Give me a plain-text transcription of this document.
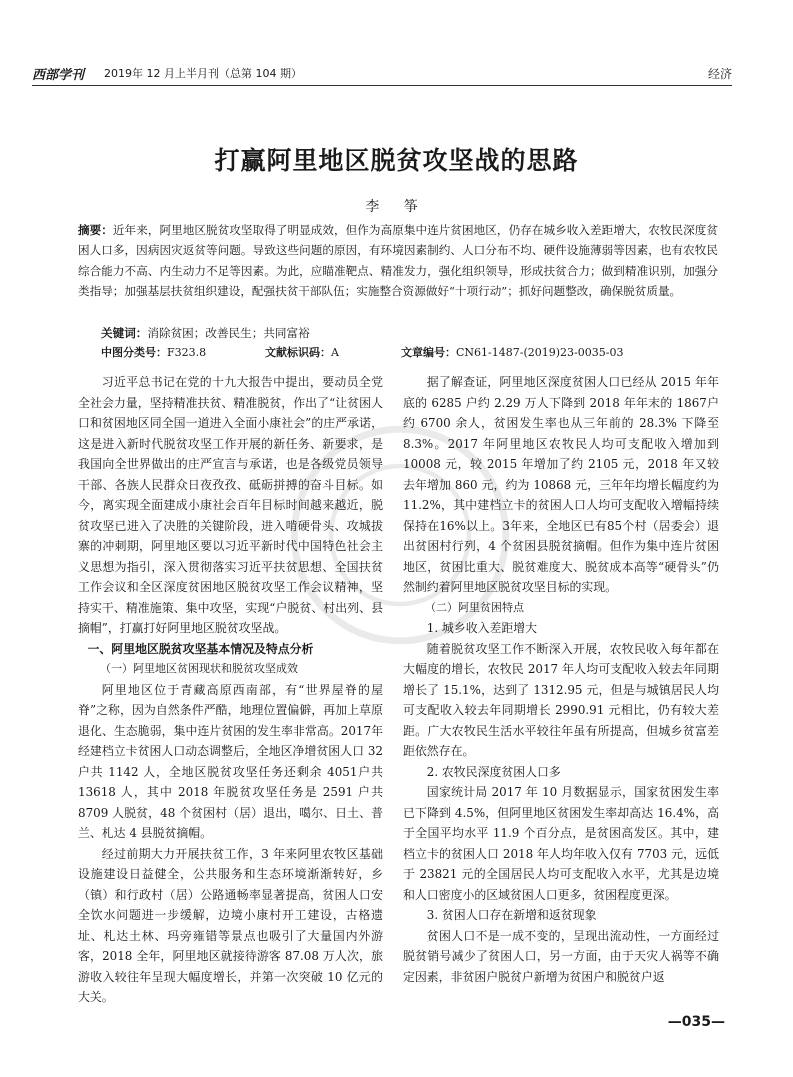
西部学刊 2019年 12 月上半月刊（总第 104 期）	经济
打赢阿里地区脱贫攻坚战的思路
李 筝
摘要：近年来，阿里地区脱贫攻坚取得了明显成效，但作为高原集中连片贫困地区，仍存在城乡收入差距增大，农牧民深度贫困人口多，因病因灾返贫等问题。导致这些问题的原因，有环境因素制约、人口分布不均、硬件设施薄弱等因素，也有农牧民综合能力不高、内生动力不足等因素。为此，应瞄准靶点、精准发力，强化组织领导，形成扶贫合力；做到精准识别，加强分类指导；加强基层扶贫组织建设，配强扶贫干部队伍；实施整合资源做好“十项行动”；抓好问题整改，确保脱贫质量。
关键词：消除贫困；改善民生；共同富裕
中图分类号：F323.8	文献标识码：A	文章编号：CN61-1487-(2019)23-0035-03

习近平总书记在党的十九大报告中提出，要动员全党全社会力量，坚持精准扶贫、精准脱贫，作出了“让贫困人口和贫困地区同全国一道进入全面小康社会”的庄严承诺，这是进入新时代脱贫攻坚工作开展的新任务、新要求，是我国向全世界做出的庄严宣言与承诺，也是各级党员领导干部、各族人民群众日夜孜孜、砥砺拼搏的奋斗目标。如今，离实现全面建成小康社会百年目标时间越来越近，脱贫攻坚已进入了决胜的关键阶段，进入啃硬骨头、攻城拔寨的冲刺期，阿里地区要以习近平新时代中国特色社会主义思想为指引，深入贯彻落实习近平扶贫思想、全国扶贫工作会议和全区深度贫困地区脱贫攻坚工作会议精神，坚持实干、精准施策、集中攻坚，实现“户脱贫、村出列、县摘帽”，打赢打好阿里地区脱贫攻坚战。

一、阿里地区脱贫攻坚基本情况及特点分析
（一）阿里地区贫困现状和脱贫攻坚成效

阿里地区位于青藏高原西南部，有“世界屋脊的屋脊”之称，因为自然条件严酷，地理位置偏僻，再加上草原退化、生态脆弱，集中连片贫困的发生率非常高。2017年经建档立卡贫困人口动态调整后，全地区净增贫困人口 32 户共 1142 人，全地区脱贫攻坚任务还剩余 4051户共 13618 人，其中 2018 年脱贫攻坚任务是 2591 户共8709 人脱贫，48 个贫困村（居）退出，噶尔、日土、普兰、札达 4 县脱贫摘帽。

经过前期大力开展扶贫工作，3 年来阿里农牧区基础设施建设日益健全，公共服务和生态环境渐渐转好，乡（镇）和行政村（居）公路通畅率显著提高，贫困人口安全饮水问题进一步缓解，边境小康村开工建设，古格遗址、札达土林、玛旁雍错等景点也吸引了大量国内外游客，2018 全年，阿里地区就接待游客 87.08 万人次，旅游收入较往年呈现大幅度增长，并第一次突破 10 亿元的大关。

据了解查证，阿里地区深度贫困人口已经从 2015 年年底的 6285 户约 2.29 万人下降到 2018 年年末的 1867户约 6700 余人，贫困发生率也从三年前的 28.3% 下降至 8.3%。2017 年阿里地区农牧民人均可支配收入增加到 10008 元，较 2015 年增加了约 2105 元，2018 年又较去年增加 860 元，约为 10868 元，三年年均增长幅度约为11.2%，其中建档立卡的贫困人口人均可支配收入增幅持续保持在16%以上。3年来，全地区已有85个村（居委会）退出贫困村行列，4 个贫困县脱贫摘帽。但作为集中连片贫困地区，贫困比重大、脱贫难度大、脱贫成本高等“硬骨头”仍然制约着阿里地区脱贫攻坚目标的实现。

（二）阿里贫困特点
1. 城乡收入差距增大

随着脱贫攻坚工作不断深入开展，农牧民收入每年都在大幅度的增长，农牧民 2017 年人均可支配收入较去年同期增长了 15.1%，达到了 1312.95 元，但是与城镇居民人均可支配收入较去年同期增长 2990.91 元相比，仍有较大差距。广大农牧民生活水平较往年虽有所提高，但城乡贫富差距依然存在。

2. 农牧民深度贫困人口多

国家统计局 2017 年 10 月数据显示，国家贫困发生率已下降到 4.5%，但阿里地区贫困发生率却高达 16.4%，高于全国平均水平 11.9 个百分点，是贫困高发区。其中，建档立卡的贫困人口 2018 年人均年收入仅有 7703 元，远低于 23821 元的全国居民人均可支配收入水平，尤其是边境和人口密度小的区域贫困人口更多，贫困程度更深。

3. 贫困人口存在新增和返贫现象

贫困人口不是一成不变的，呈现出流动性，一方面经过脱贫销号减少了贫困人口，另一方面，由于天灾人祸等不确定因素，非贫困户脱贫户新增为贫困户和脱贫户返

—035—
